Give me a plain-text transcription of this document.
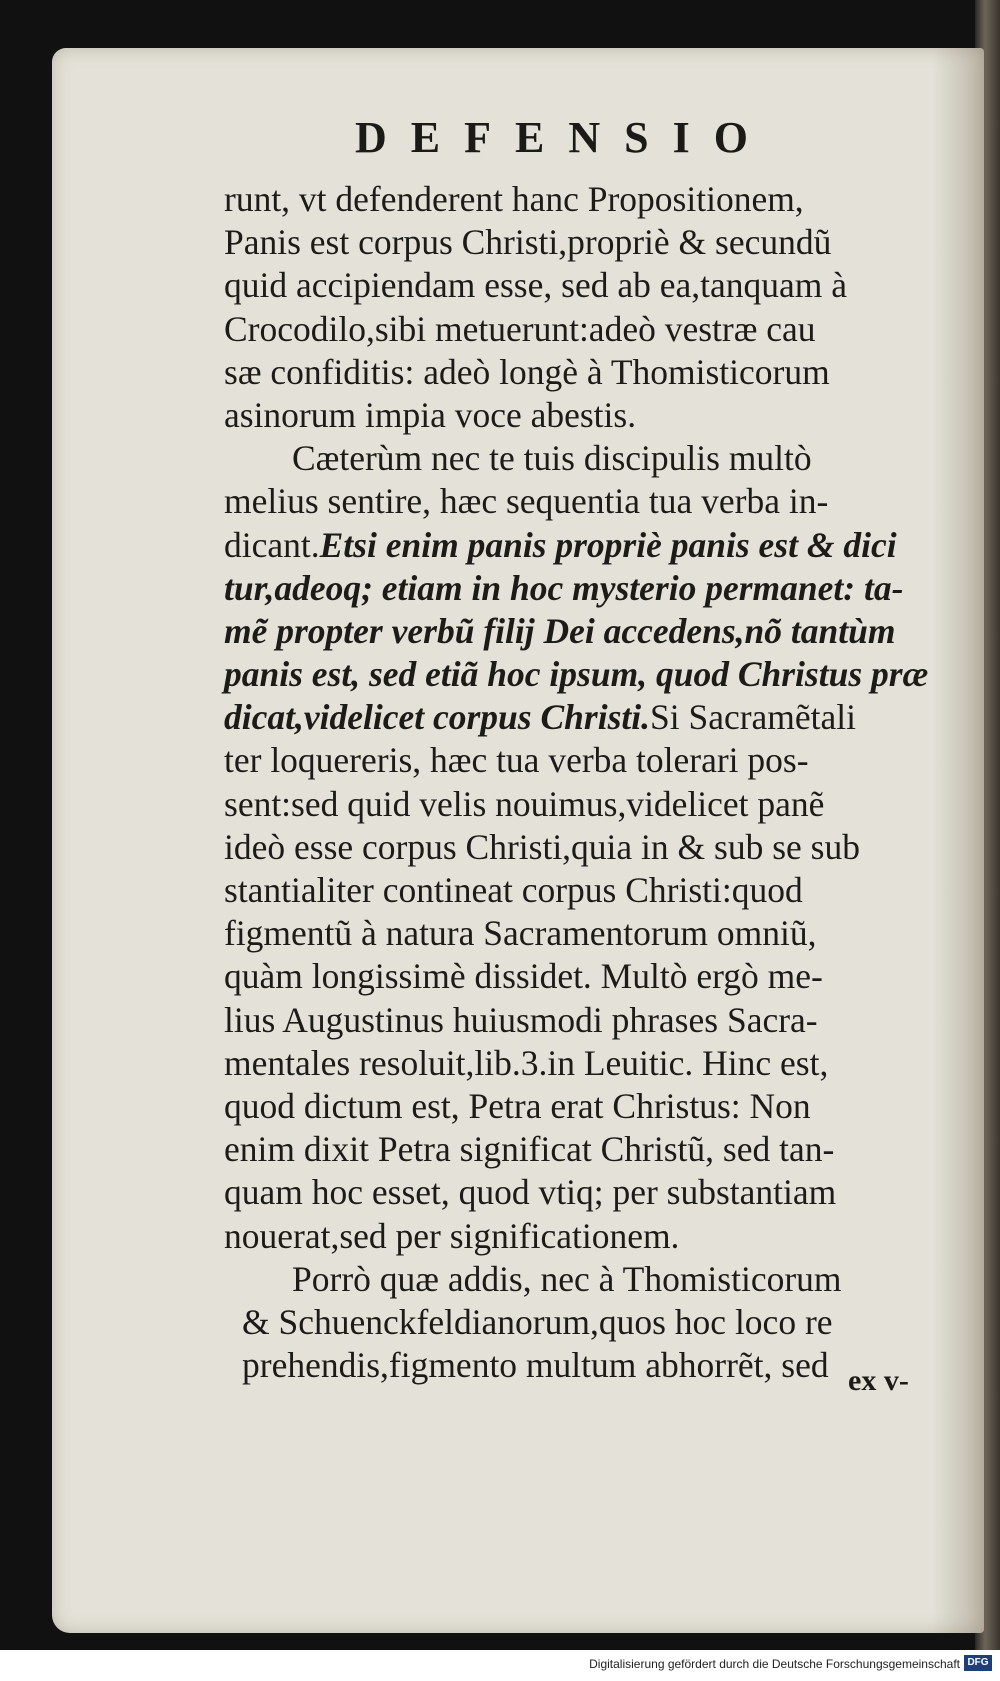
DEFENSIO
runt, vt defenderent hanc Propositionem,
Panis est corpus Christi,propriè & secundũ
quid accipiendam esse, sed ab ea,tanquam à
Crocodilo,sibi metuerunt:adeò vestræ cau
sæ confiditis: adeò longè à Thomisticorum
asinorum impia voce abestis.
Cæterùm nec te tuis discipulis multò
melius sentire, hæc sequentia tua verba in-
dicant.Etsi enim panis propriè panis est & dici
tur,adeoq; etiam in hoc mysterio permanet: ta-
mẽ propter verbũ filij Dei accedens,nõ tantùm
panis est, sed etiã hoc ipsum, quod Christus præ
dicat,videlicet corpus Christi.Si Sacramẽtali
ter loquereris, hæc tua verba tolerari pos-
sent:sed quid velis nouimus,videlicet panẽ
ideò esse corpus Christi,quia in & sub se sub
stantialiter contineat corpus Christi:quod
figmentũ à natura Sacramentorum omniũ,
quàm longissimè dissidet. Multò ergò me-
lius Augustinus huiusmodi phrases Sacra-
mentales resoluit,lib.3.in Leuitic. Hinc est,
quod dictum est, Petra erat Christus: Non
enim dixit Petra significat Christũ, sed tan-
quam hoc esset, quod vtiq; per substantiam
nouerat,sed per significationem.
Porrò quæ addis, nec à Thomisticorum
& Schuenckfeldianorum,quos hoc loco re
prehendis,figmento multum abhorrẽt, sed ex v-
Digitalisierung gefördert durch die Deutsche Forschungsgemeinschaft DFG
